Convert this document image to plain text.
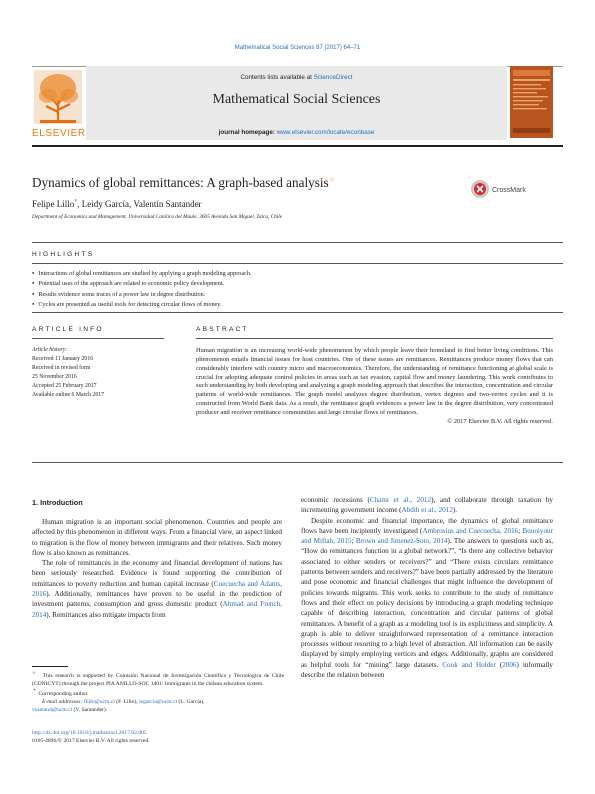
Mathematical Social Sciences 87 (2017) 64–71
ELSEVIER
Contents lists available at ScienceDirect
Mathematical Social Sciences
journal homepage: www.elsevier.com/locate/econbase
Dynamics of global remittances: A graph-based analysis☆
CrossMark
Felipe Lillo*, Leidy García, Valentín Santander
Department of Economics and Management, Universidad Católica del Maule, 3605 Avenida San Miguel, Talca, Chile
HIGHLIGHTS
● Interactions of global remittances are studied by applying a graph modeling approach.
● Potential uses of the approach are related to economic policy development.
● Results evidence some traces of a power law in degree distribution.
● Cycles are presented as useful tools for detecting circular flows of money.
ARTICLE INFO
Article history:
Received 11 January 2016
Received in revised form
25 November 2016
Accepted 25 February 2017
Available online 6 March 2017
ABSTRACT
Human migration is an increasing world-wide phenomenon by which people leave their homeland to find better living conditions. This phenomenon entails financial issues for host countries. One of these issues are remittances. Remittances produce money flows that can considerably interfere with country micro and macroeconomics. Therefore, the understanding of remittance functioning at global scale is crucial for adopting adequate control policies in areas such as tax evasion, capital flow and money laundering. This work contributes to such understanding by both developing and analyzing a graph modeling approach that describes the interaction, concentration and circular patterns of world-wide remittances. The graph model analyzes degree distribution, vertex degrees and two-vertex cycles and it is constructed from World Bank data. As a result, the remittance graph evidences a power law in the degree distribution, very concentrated producer and receiver remittance communities and large circular flows of remittances.
© 2017 Elsevier B.V. All rights reserved.
1. Introduction

Human migration is an important social phenomenon. Countries and people are affected by this phenomenon in different ways. From a financial view, an aspect linked to migration is the flow of money between immigrants and their relatives. Such money flow is also known as remittances.

The role of remittances in the economy and financial development of nations has been seriously researched. Evidence is found supporting the contribution of remittances to poverty reduction and human capital increase (Cuecuecha and Adams, 2016). Additionally, remittances have proven to be useful in the prediction of investment patterns, consumption and gross domestic product (Ahmad and French, 2014). Remittances also mitigate impacts from

economic recessions (Chami et al., 2012), and collaborate through taxation by incrementing government income (Abdih et al., 2012).

Despite economic and financial importance, the dynamics of global remittance flows have been incipiently investigated (Ambrosius and Cuecuecha, 2016; Bouoiyour and Miftah, 2015; Brown and Jimenez-Soto, 2014). The answers to questions such as, “How do remittances function in a global network?”, “Is there any collective behavior associated to either senders or receivers?” and “There exists circulars remittance patterns between senders and receivers?” have been partially addressed by the literature and pose economic and financial challenges that might influence the development of policies towards migrants. This work seeks to contribute to the study of remittance flows and their effect on policy decisions by introducing a graph modeling technique capable of describing interaction, concentration and circular patterns of global remittances. A benefit of a graph as a modeling tool is its explicitness and simplicity. A graph is able to deliver straightforward representation of a remittance interaction processes without resorting to a high level of abstraction. All information can be easily displayed by simply employing vertices and edges. Additionally, graphs are considered as helpful tools for “mining” large datasets. Cook and Holder (2006) informally describe the relation between

☆ This research is supported by Comisión Nacional de Investigación Científica y Tecnológica de Chile (CONICYT) through the project PIA ANILLO-SOC 1401: Immigrants in the chilean education system.

* Corresponding author.

E-mail addresses: flillo@ucm.cl (F. Lillo), legarcia@ucm.cl (L. García),
vsantand@ucm.cl (V. Santander).

http://dx.doi.org/10.1016/j.mathsocsci.2017.02.005
0165-4896/© 2017 Elsevier B.V. All rights reserved.
